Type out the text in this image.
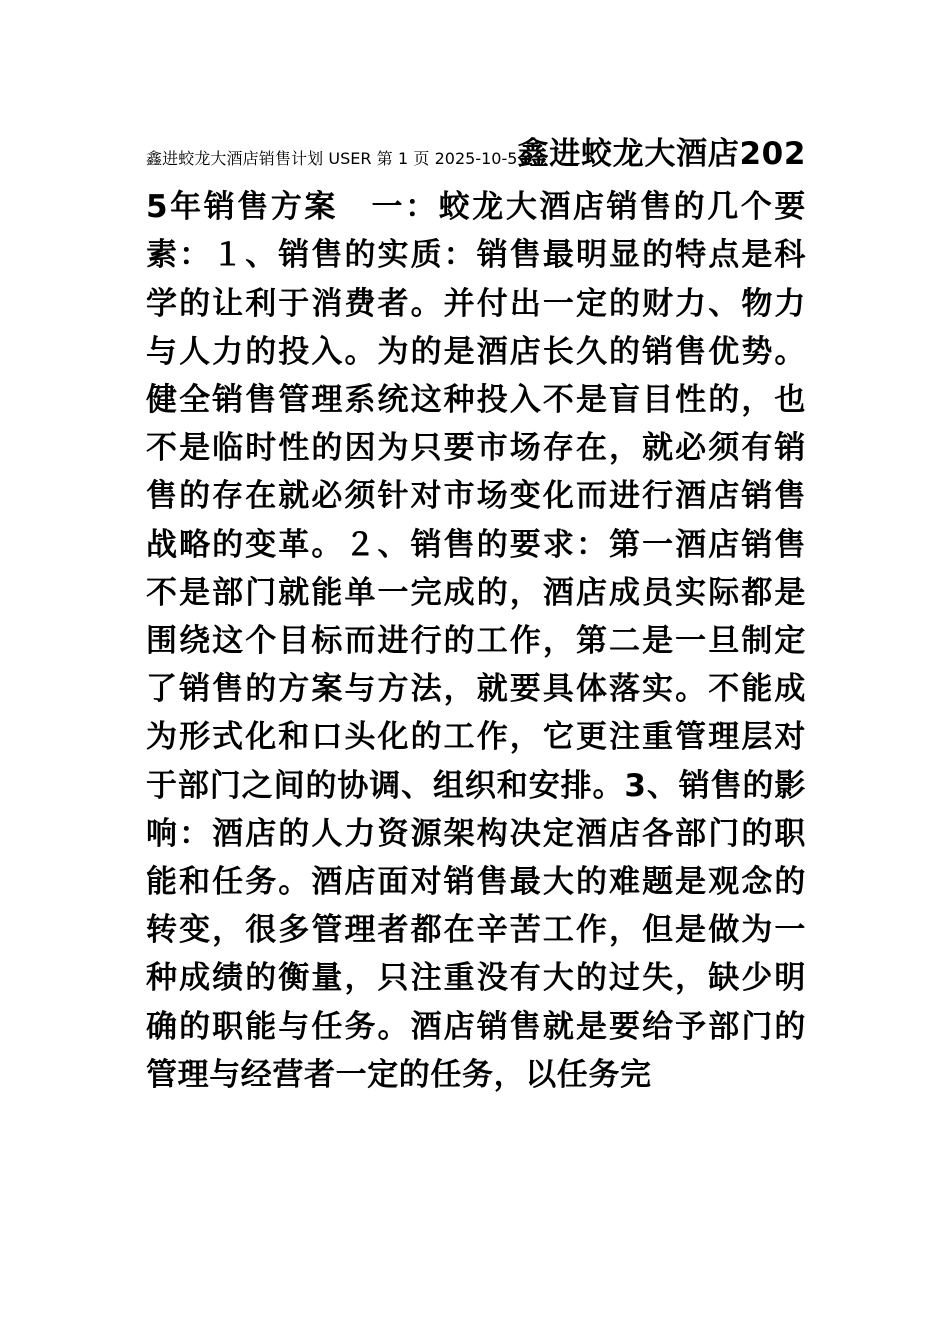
鑫进蛟龙大酒店销售计划 USER 第 1 页 2025-10-5鑫进蛟龙大酒店2025年销售方案　一：蛟龙大酒店销售的几个要素：１、销售的实质：销售最明显的特点是科学的让利于消费者。并付出一定的财力、物力与人力的投入。为的是酒店长久的销售优势。健全销售管理系统这种投入不是盲目性的，也不是临时性的因为只要市场存在，就必须有销售的存在就必须针对市场变化而进行酒店销售战略的变革。２、销售的要求：第一酒店销售不是部门就能单一完成的，酒店成员实际都是围绕这个目标而进行的工作，第二是一旦制定了销售的方案与方法，就要具体落实。不能成为形式化和口头化的工作，它更注重管理层对于部门之间的协调、组织和安排。3、销售的影响：酒店的人力资源架构决定酒店各部门的职能和任务。酒店面对销售最大的难题是观念的转变，很多管理者都在辛苦工作，但是做为一种成绩的衡量，只注重没有大的过失，缺少明确的职能与任务。酒店销售就是要给予部门的管理与经营者一定的任务，以任务完
